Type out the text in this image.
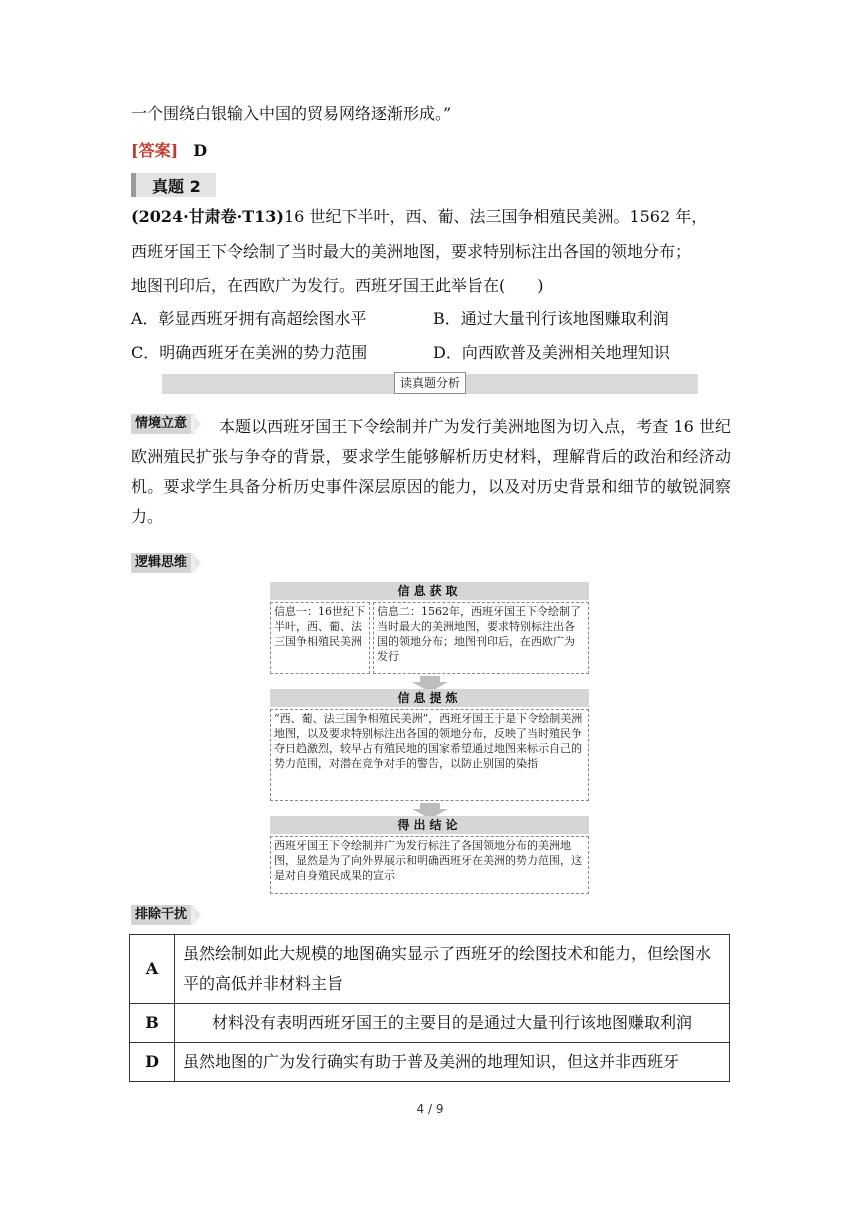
一个围绕白银输入中国的贸易网络逐渐形成。”
[答案] D
真题 2
(2024·甘肃卷·T13)16 世纪下半叶，西、葡、法三国争相殖民美洲。1562 年，
西班牙国王下令绘制了当时最大的美洲地图，要求特别标注出各国的领地分布；
地图刊印后，在西欧广为发行。西班牙国王此举旨在(　　)
A．彰显西班牙拥有高超绘图水平	B．通过大量刊行该地图赚取利润
C．明确西班牙在美洲的势力范围	D．向西欧普及美洲相关地理知识
读真题分析
情境立意	本题以西班牙国王下令绘制并广为发行美洲地图为切入点，考查 16 世纪欧洲殖民扩张与争夺的背景，要求学生能够解析历史材料，理解背后的政治和经济动机。要求学生具备分析历史事件深层原因的能力，以及对历史背景和细节的敏锐洞察力。
逻辑思维
信息获取
信息一：16世纪下半叶，西、葡、法三国争相殖民美洲
信息二：1562年，西班牙国王下令绘制了当时最大的美洲地图，要求特别标注出各国的领地分布；地图刊印后，在西欧广为发行
信息提炼
“西、葡、法三国争相殖民美洲”，西班牙国王于是下令绘制美洲地图，以及要求特别标注出各国的领地分布，反映了当时殖民争夺日趋激烈，较早占有殖民地的国家希望通过地图来标示自己的势力范围，对潜在竞争对手的警告，以防止别国的染指
得出结论
西班牙国王下令绘制并广为发行标注了各国领地分布的美洲地图，显然是为了向外界展示和明确西班牙在美洲的势力范围，这是对自身殖民成果的宣示
排除干扰
A	虽然绘制如此大规模的地图确实显示了西班牙的绘图技术和能力，但绘图水平的高低并非材料主旨
B	材料没有表明西班牙国王的主要目的是通过大量刊行该地图赚取利润
D	虽然地图的广为发行确实有助于普及美洲的地理知识，但这并非西班牙
4 / 9
